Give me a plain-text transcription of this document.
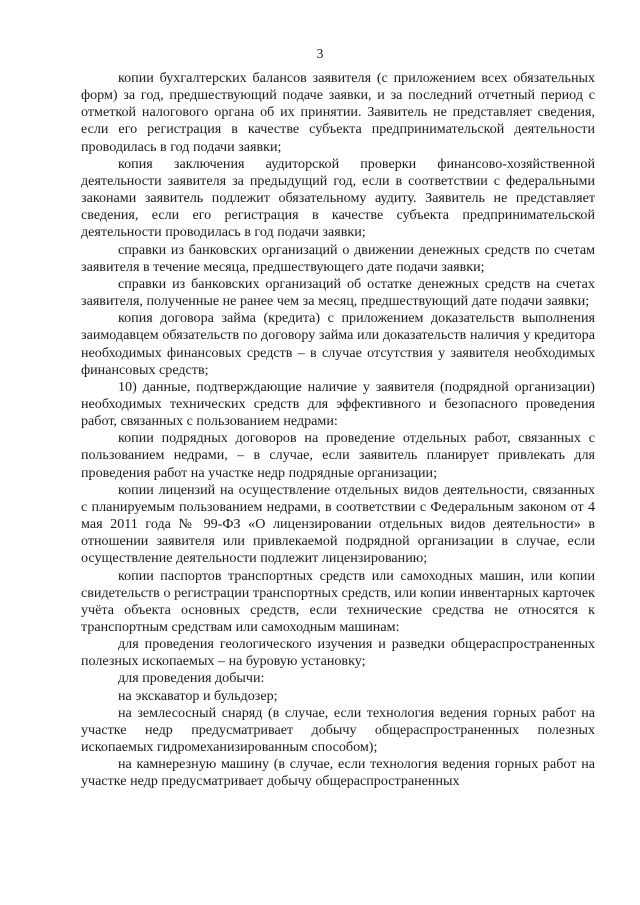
3

копии бухгалтерских балансов заявителя (с приложением всех обязательных форм) за год, предшествующий подаче заявки, и за последний отчетный период с отметкой налогового органа об их принятии. Заявитель не представляет сведения, если его регистрация в качестве субъекта предпринимательской деятельности проводилась в год подачи заявки;

копия заключения аудиторской проверки финансово-хозяйственной деятельности заявителя за предыдущий год, если в соответствии с федеральными законами заявитель подлежит обязательному аудиту. Заявитель не представляет сведения, если его регистрация в качестве субъекта предпринимательской деятельности проводилась в год подачи заявки;

справки из банковских организаций о движении денежных средств по счетам заявителя в течение месяца, предшествующего дате подачи заявки;

справки из банковских организаций об остатке денежных средств на счетах заявителя, полученные не ранее чем за месяц, предшествующий дате подачи заявки;

копия договора займа (кредита) с приложением доказательств выполнения заимодавцем обязательств по договору займа или доказательств наличия у кредитора необходимых финансовых средств – в случае отсутствия у заявителя необходимых финансовых средств;

10) данные, подтверждающие наличие у заявителя (подрядной организации) необходимых технических средств для эффективного и безопасного проведения работ, связанных с пользованием недрами:

копии подрядных договоров на проведение отдельных работ, связанных с пользованием недрами, – в случае, если заявитель планирует привлекать для проведения работ на участке недр подрядные организации;

копии лицензий на осуществление отдельных видов деятельности, связанных с планируемым пользованием недрами, в соответствии с Федеральным законом от 4 мая 2011 года № 99-ФЗ «О лицензировании отдельных видов деятельности» в отношении заявителя или привлекаемой подрядной организации в случае, если осуществление деятельности подлежит лицензированию;

копии паспортов транспортных средств или самоходных машин, или копии свидетельств о регистрации транспортных средств, или копии инвентарных карточек учёта объекта основных средств, если технические средства не относятся к транспортным средствам или самоходным машинам:

для проведения геологического изучения и разведки общераспространенных полезных ископаемых – на буровую установку;

для проведения добычи:

на экскаватор и бульдозер;

на землесосный снаряд (в случае, если технология ведения горных работ на участке недр предусматривает добычу общераспространенных полезных ископаемых гидромеханизированным способом);

на камнерезную машину (в случае, если технология ведения горных работ на участке недр предусматривает добычу общераспространенных
